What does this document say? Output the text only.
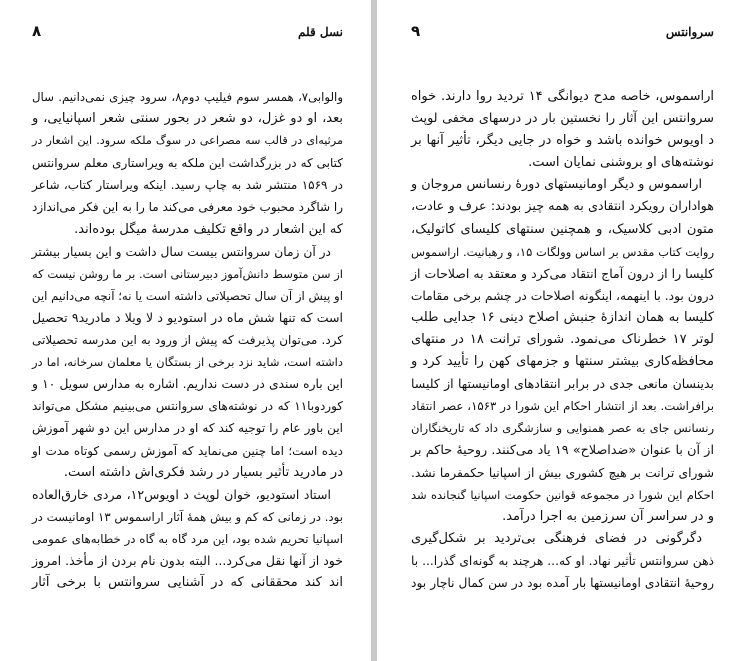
۸	نسل قلم
والوابی۷، همسر سوم فیلیپ دوم۸، سرود چیزی نمی‌دانیم. سال
بعد، او دو غزل، دو شعر در بحور سنتی شعر اسپانیایی، و
مرثیه‌ای در قالب سه مصراعی در سوگ ملکه سرود. این اشعار در
کتابی که در بزرگداشت این ملکه به ویراستاری معلم سروانتس
در ۱۵۶۹ منتشر شد به چاپ رسید. اینکه ویراستار کتاب، شاعر
را شاگرد محبوب خود معرفی می‌کند ما را به این فکر می‌اندازد
که این اشعار در واقع تکلیف مدرسهٔ میگل بوده‌اند.
در آن زمان سروانتس بیست سال داشت و این بسیار بیشتر
از سن متوسط دانش‌آموز دبیرستانی است. بر ما روشن نیست که
او پیش از آن سال تحصیلاتی داشته است یا نه؛ آنچه می‌دانیم این
است که تنها شش ماه در استودیو د لا ویلا د مادرید۹ تحصیل
کرد. می‌توان پذیرفت که پیش از ورود به این مدرسه تحصیلاتی
داشته است، شاید نزد برخی از بستگان یا معلمان سرخانه، اما در
این باره سندی در دست نداریم. اشاره به مدارس سویل ۱۰ و
کوردوبا۱۱ که در نوشته‌های سروانتس می‌بینیم مشکل می‌تواند
این باور عام را توجیه کند که او در مدارس این دو شهر آموزش
دیده است؛ اما چنین می‌نماید که آموزش رسمی کوتاه مدت او
در مادرید تأثیر بسیار در رشد فکری‌اش داشته است.
استاد استودیو، خوان لوپث د اویوس۱۲، مردی خارق‌العاده
بود. در زمانی که کم و بیش همهٔ آثار اراسموس ۱۳ اومانیست در
اسپانیا تحریم شده بود، این مرد گاه به گاه در خطابه‌های عمومی
خود از آنها نقل می‌کرد... البته بدون نام بردن از مأخذ. امروز
اند کند محققانی که در آشنایی سروانتس با برخی آثار
۹	سروانتس
اراسموس، خاصه مدح دیوانگی ۱۴ تردید روا دارند. خواه
سروانتس این آثار را نخستین بار در درسهای مخفی لوپث
د اویوس خوانده باشد و خواه در جایی دیگر، تأثیر آنها بر
نوشته‌های او بروشنی نمایان است.
اراسموس و دیگر اومانیستهای دورهٔ رنسانس مروجان و
هواداران رویکرد انتقادی به همه چیز بودند: عرف و عادت،
متون ادبی کلاسیک، و همچنین سنتهای کلیسای کاتولیک،
روایت کتاب مقدس بر اساس وولگات ۱۵، و رهبانیت. اراسموس
کلیسا را از درون آماج انتقاد می‌کرد و معتقد به اصلاحات از
درون بود. با اینهمه، اینگونه اصلاحات در چشم برخی مقامات
کلیسا به همان اندازهٔ جنبش اصلاح دینی ۱۶ جدایی طلب
لوتر ۱۷ خطرناک می‌نمود. شورای ترانت ۱۸ در منتهای
محافظه‌کاری بیشتر سنتها و جزمهای کهن را تأیید کرد و
بدینسان مانعی جدی در برابر انتقادهای اومانیستها از کلیسا
برافراشت. بعد از انتشار احکام این شورا در ۱۵۶۳، عصر انتقاد
رنسانس جای به عصر همنوایی و سازشگری داد که تاریخنگاران
از آن با عنوان «ضداصلاح» ۱۹ یاد می‌کنند. روحیهٔ حاکم بر
شورای ترانت بر هیچ کشوری بیش از اسپانیا حکمفرما نشد.
احکام این شورا در مجموعه قوانین حکومت اسپانیا گنجانده شد
و در سراسر آن سرزمین به اجرا درآمد.
دگرگونی در فضای فرهنگی بی‌تردید بر شکل‌گیری
ذهن سروانتس تأثیر نهاد. او که... هرچند به گونه‌ای گذرا... با
روحیهٔ انتقادی اومانیستها بار آمده بود در سن کمال ناچار بود
